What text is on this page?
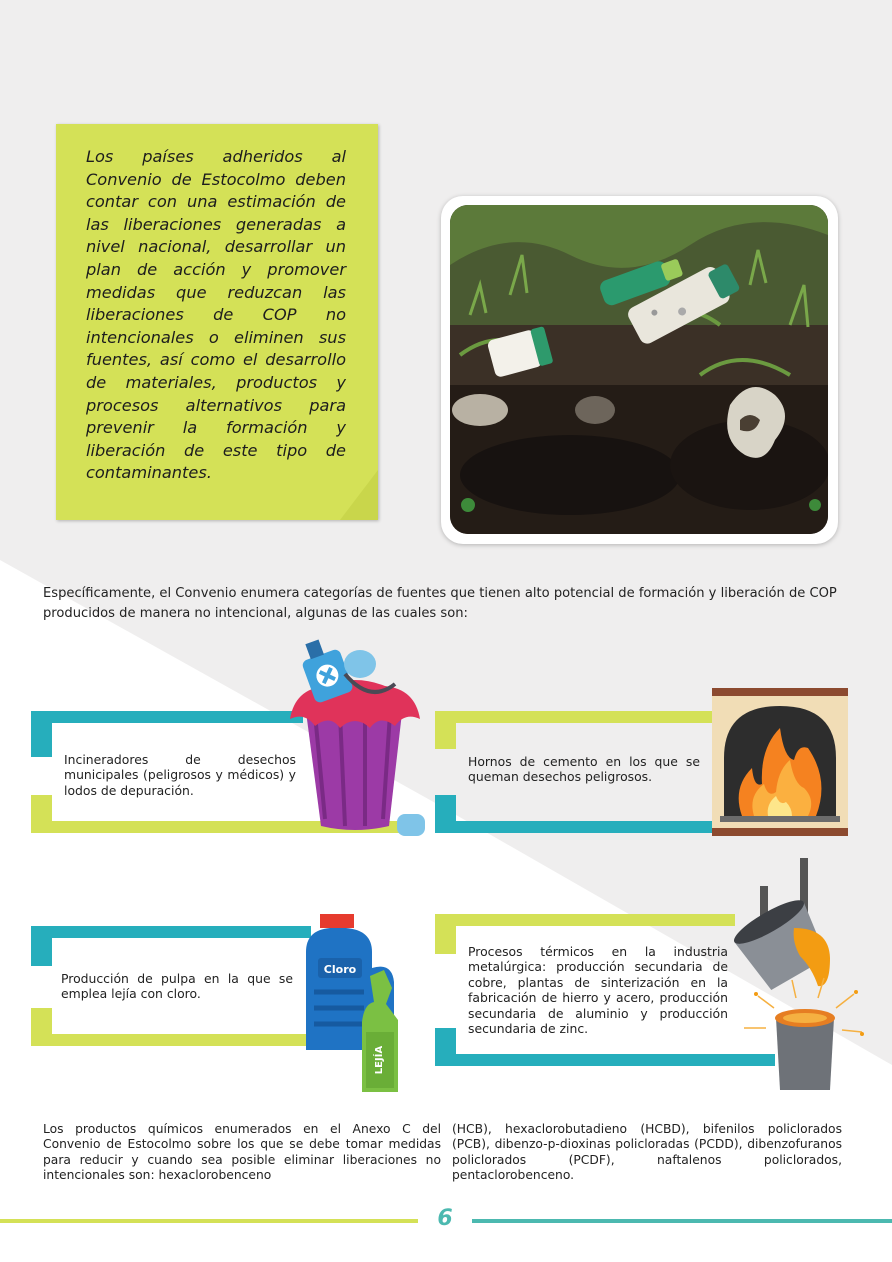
Los países adheridos al Convenio de Estocolmo deben contar con una estimación de las liberaciones generadas a nivel nacional, desarrollar un plan de acción y promover medidas que reduzcan las liberaciones de COP no intencionales o eliminen sus fuentes, así como el desarrollo de materiales, productos y procesos alternativos para prevenir la formación y liberación de este tipo de contaminantes.
Específicamente, el Convenio enumera categorías de fuentes que tienen alto potencial de formación y liberación de COP producidos de manera no intencional, algunas de las cuales son:
Incineradores de desechos municipales (peligrosos y médicos) y lodos de depuración.
Hornos de cemento en los que se queman desechos peligrosos.
Producción de pulpa en la que se emplea lejía con cloro.
Procesos térmicos en la industria metalúrgica: producción secundaria de cobre, plantas de sinterización en la fabricación de hierro y acero, producción secundaria de aluminio y producción secundaria de zinc.
Cloro
LEJÍA
Los productos químicos enumerados en el Anexo C del Convenio de Estocolmo sobre los que se debe tomar medidas para reducir y cuando sea posible eliminar liberaciones no intencionales son: hexaclorobenceno
(HCB), hexaclorobutadieno (HCBD), bifenilos policlorados (PCB), dibenzo-p-dioxinas policloradas (PCDD), dibenzofuranos policlorados (PCDF), naftalenos policlorados, pentaclorobenceno.
6
